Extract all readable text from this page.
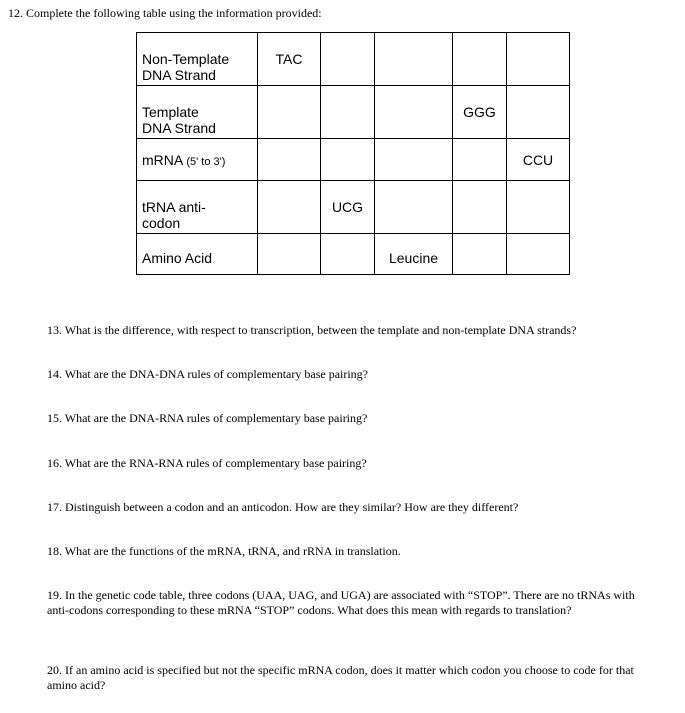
12. Complete the following table using the information provided:
Non-Template
DNA Strand	TAC				

Template
DNA Strand				GGG	

mRNA (5' to 3')					CCU

tRNA anti-
codon		UCG			

Amino Acid			Leucine		

13. What is the difference, with respect to transcription, between the template and non-template DNA strands?
14. What are the DNA-DNA rules of complementary base pairing?
15. What are the DNA-RNA rules of complementary base pairing?
16. What are the RNA-RNA rules of complementary base pairing?
17. Distinguish between a codon and an anticodon. How are they similar? How are they different?
18. What are the functions of the mRNA, tRNA, and rRNA in translation.
19. In the genetic code table, three codons (UAA, UAG, and UGA) are associated with “STOP”. There are no tRNAs with anti-codons corresponding to these mRNA “STOP” codons. What does this mean with regards to translation?
20. If an amino acid is specified but not the specific mRNA codon, does it matter which codon you choose to code for that amino acid?
